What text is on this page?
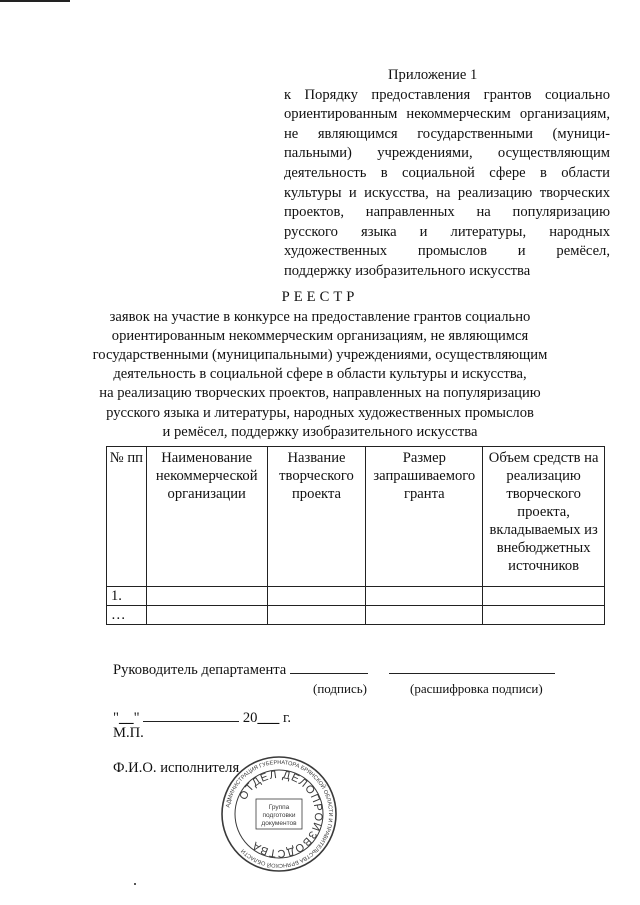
Приложение 1
к Порядку предоставления грантов социально
ориентированным некоммерческим организациям,
не являющимся государственными (муници-
пальными) учреждениями, осуществляющим
деятельность в социальной сфере в области
культуры и искусства, на реализацию творческих
проектов, направленных на популяризацию
русского языка и литературы, народных
художественных промыслов и ремёсел,
поддержку изобразительного искусства
РЕЕСТР
заявок на участие в конкурсе на предоставление грантов социально
ориентированным некоммерческим организациям, не являющимся
государственными (муниципальными) учреждениями, осуществляющим
деятельность в социальной сфере в области культуры и искусства,
на реализацию творческих проектов, направленных на популяризацию
русского языка и литературы, народных художественных промыслов
и ремёсел, поддержку изобразительного искусства
№ пп	Наименование некоммерческой организации	Название творческого проекта	Размер запрашиваемого гранта	Объем средств на реализацию творческого проекта, вкладываемых из внебюджетных источников
1.				
…				
Руководитель департамента
(подпись)	(расшифровка подписи)
"__"	20___ г.
М.П.
Ф.И.О. исполнителя
АДМИНИСТРАЦИЯ ГУБЕРНАТОРА БРЯНСКОЙ ОБЛАСТИ И ПРАВИТЕЛЬСТВА БРЯНСКОЙ ОБЛАСТИ
ОТДЕЛ ДЕЛОПРОИЗВОДСТВА
Группа
подготовки
документов
